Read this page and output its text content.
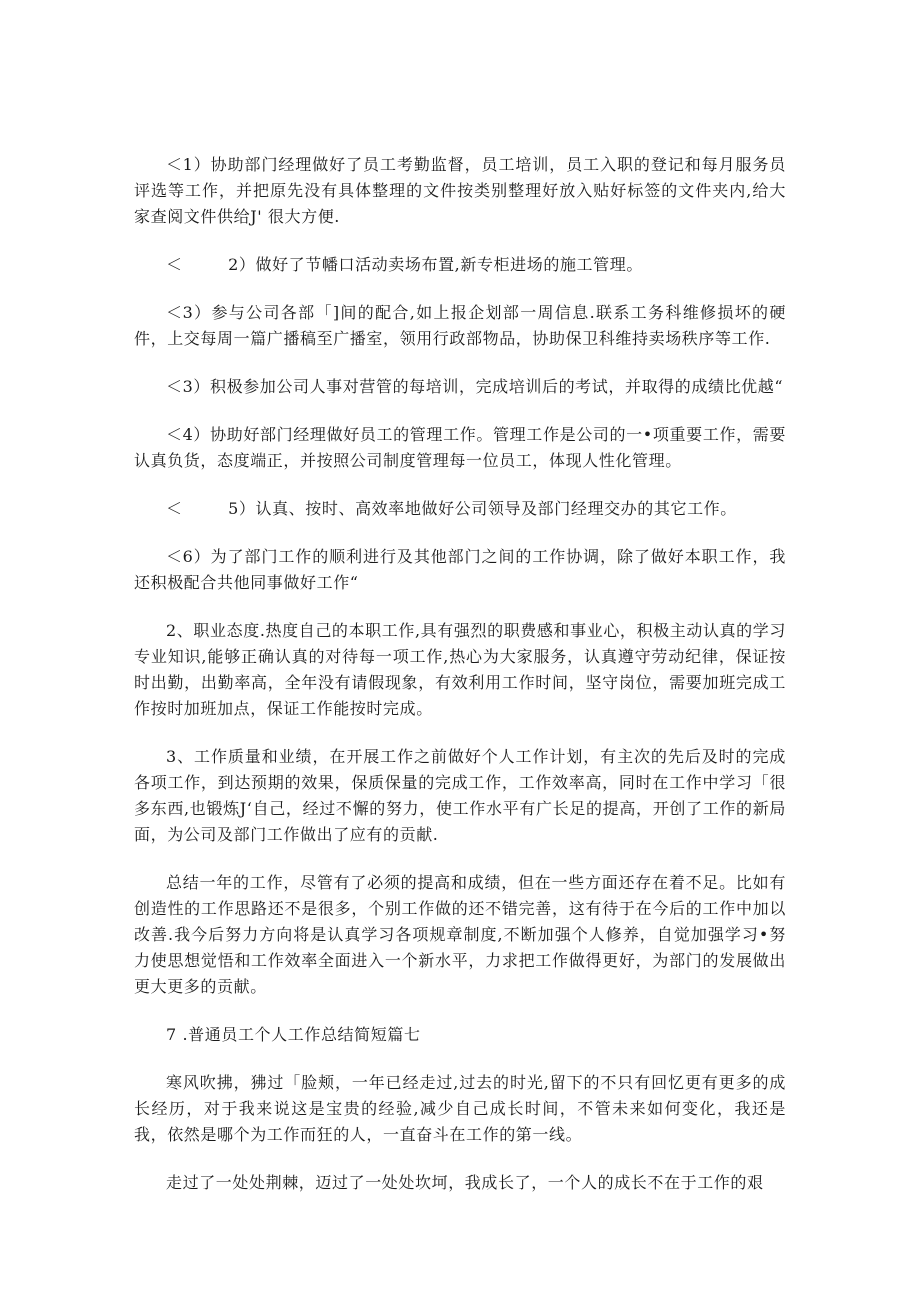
＜1）协助部门经理做好了员工考勤监督，员工培训，员工入职的登记和每月服务员评选等工作，并把原先没有具体整理的文件按类别整理好放入贴好标签的文件夹内,给大家查阅文件供给J' 很大方便.

＜        2）做好了节幡口活动卖场布置,新专柜进场的施工管理。

＜3）参与公司各部「]间的配合,如上报企划部一周信息.联系工务科维修损坏的硬件，上交每周一篇广播稿至广播室，领用行政部物品，协助保卫科维持卖场秩序等工作.

＜3）积极参加公司人事对营管的每培训，完成培训后的考试，并取得的成绩比优越“

＜4）协助好部门经理做好员工的管理工作。管理工作是公司的一•项重要工作，需要认真负货，态度端正，并按照公司制度管理每一位员工，体现人性化管理。

＜        5）认真、按时、高效率地做好公司领导及部门经理交办的其它工作。

＜6）为了部门工作的顺利进行及其他部门之间的工作协调，除了做好本职工作，我还积极配合共他同事做好工作“

2、职业态度.热度自己的本职工作,具有强烈的职费感和事业心，积极主动认真的学习专业知识,能够正确认真的对待每一项工作,热心为大家服务，认真遵守劳动纪律，保证按时出勤，出勤率高，全年没有请假现象，有效利用工作时间，坚守岗位，需要加班完成工作按时加班加点，保证工作能按时完成。

3、工作质量和业绩，在开展工作之前做好个人工作计划，有主次的先后及时的完成各项工作，到达预期的效果，保质保量的完成工作，工作效率高，同时在工作中学习「很多东西,也锻炼J‘自己，经过不懈的努力，使工作水平有广长足的提高，开创了工作的新局面，为公司及部门工作做出了应有的贡献.

总结一年的工作，尽管有了必须的提高和成绩，但在一些方面还存在着不足。比如有创造性的工作思路还不是很多，个别工作做的还不错完善，这有待于在今后的工作中加以改善.我今后努力方向将是认真学习各项规章制度,不断加强个人修养，自觉加强学习•努力使思想觉悟和工作效率全面进入一个新水平，力求把工作做得更好，为部门的发展做出更大更多的贡献。

7 .普通员工个人工作总结简短篇七

寒风吹拂，狒过「脸颊，一年已经走过,过去的时光,留下的不只有回忆更有更多的成长经历，对于我来说这是宝贵的经验,减少自己成长时间，不管未来如何变化，我还是我，依然是哪个为工作而狂的人，一直奋斗在工作的第一线。

走过了一处处荆棘，迈过了一处处坎坷，我成长了，一个人的成长不在于工作的艰
